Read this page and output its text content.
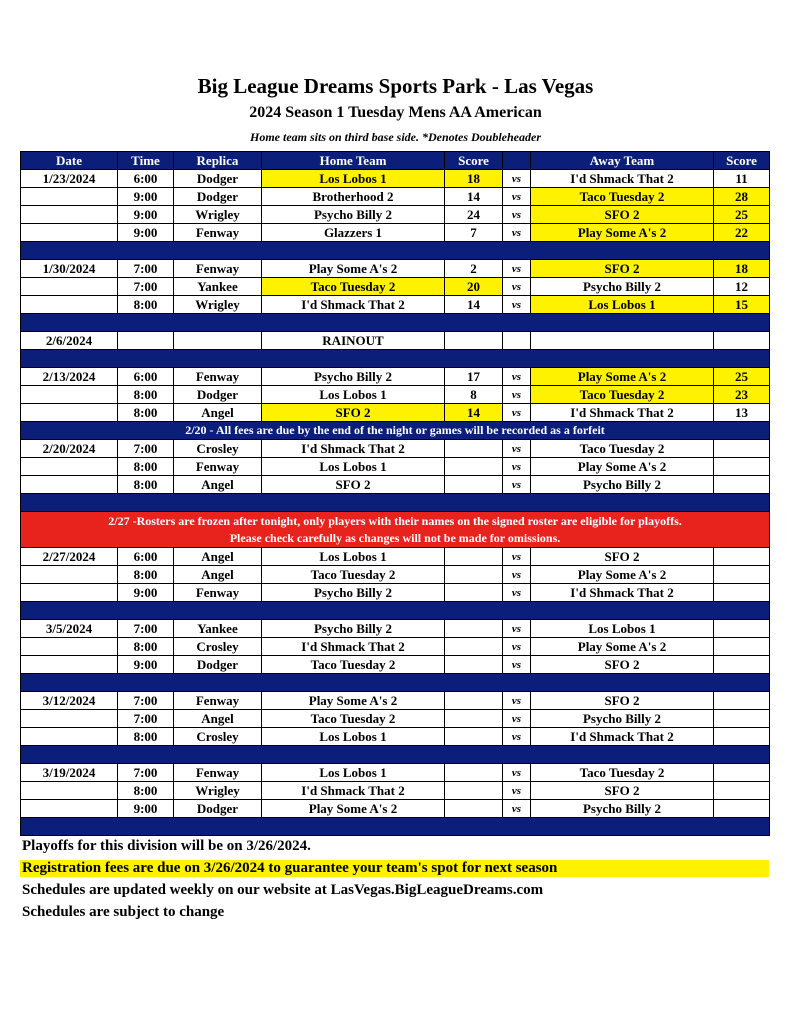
Big League Dreams Sports Park - Las Vegas
2024 Season 1 Tuesday Mens AA American
Home team sits on third base side. *Denotes Doubleheader
Date	Time	Replica	Home Team	Score		Away Team	Score
1/23/2024	6:00	Dodger	Los Lobos 1	18	vs	I'd Shmack That 2	11
	9:00	Dodger	Brotherhood 2	14	vs	Taco Tuesday 2	28
	9:00	Wrigley	Psycho Billy 2	24	vs	SFO 2	25
	9:00	Fenway	Glazzers 1	7	vs	Play Some A's 2	22

1/30/2024	7:00	Fenway	Play Some A's 2	2	vs	SFO 2	18
	7:00	Yankee	Taco Tuesday 2	20	vs	Psycho Billy 2	12
	8:00	Wrigley	I'd Shmack That 2	14	vs	Los Lobos 1	15

2/6/2024			RAINOUT				

2/13/2024	6:00	Fenway	Psycho Billy 2	17	vs	Play Some A's 2	25
	8:00	Dodger	Los Lobos 1	8	vs	Taco Tuesday 2	23
	8:00	Angel	SFO 2	14	vs	I'd Shmack That 2	13
2/20 - All fees are due by the end of the night or games will be recorded as a forfeit							
2/20/2024	7:00	Crosley	I'd Shmack That 2		vs	Taco Tuesday 2	
	8:00	Fenway	Los Lobos 1		vs	Play Some A's 2	
	8:00	Angel	SFO 2		vs	Psycho Billy 2	

2/27 -Rosters are frozen after tonight, only players with their names on the signed roster are eligible for playoffs.
Please check carefully as changes will not be made for omissions.							

2/27/2024	6:00	Angel	Los Lobos 1		vs	SFO 2	
	8:00	Angel	Taco Tuesday 2		vs	Play Some A's 2	
	9:00	Fenway	Psycho Billy 2		vs	I'd Shmack That 2	

3/5/2024	7:00	Yankee	Psycho Billy 2		vs	Los Lobos 1	
	8:00	Crosley	I'd Shmack That 2		vs	Play Some A's 2	
	9:00	Dodger	Taco Tuesday 2		vs	SFO 2	

3/12/2024	7:00	Fenway	Play Some A's 2		vs	SFO 2	
	7:00	Angel	Taco Tuesday 2		vs	Psycho Billy 2	
	8:00	Crosley	Los Lobos 1		vs	I'd Shmack That 2	

3/19/2024	7:00	Fenway	Los Lobos 1		vs	Taco Tuesday 2	
	8:00	Wrigley	I'd Shmack That 2		vs	SFO 2	
	9:00	Dodger	Play Some A's 2		vs	Psycho Billy 2	

Playoffs for this division will be on 3/26/2024.
Registration fees are due on 3/26/2024 to guarantee your team's spot for next season
Schedules are updated weekly on our website at LasVegas.BigLeagueDreams.com
Schedules are subject to change
